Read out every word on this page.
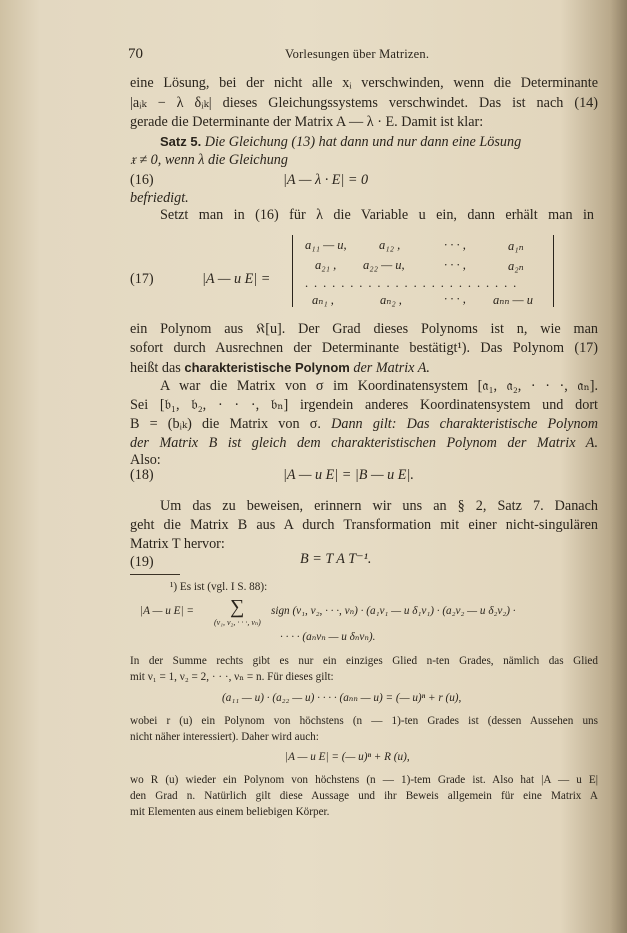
70	Vorlesungen über Matrizen.
eine Lösung, bei der nicht alle xᵢ verschwinden, wenn die Determinante
|aᵢₖ − λ δᵢₖ| dieses Gleichungssystems verschwindet. Das ist nach (14)
gerade die Determinante der Matrix A — λ · E. Damit ist klar:
Satz 5. Die Gleichung (13) hat dann und nur dann eine Lösung
𝔵 ≠ 0, wenn λ die Gleichung
(16)	|A — λ · E| = 0
befriedigt.
Setzt man in (16) für λ die Variable u ein, dann erhält man in
(17)	|A — u E| =
a₁₁ — u,	a₁₂ ,	· · · ,	a₁ₙ
a₂₁ , a₂₂ — u,	· · · ,	a₂ₙ
. . . . . . . . . . . . . . . . . . . . . . . .
aₙ₁ ,	aₙ₂ ,	· · · , aₙₙ — u
ein Polynom aus 𝔎[u]. Der Grad dieses Polynoms ist n, wie man
sofort durch Ausrechnen der Determinante bestätigt¹). Das Polynom (17)
heißt das charakteristische Polynom der Matrix A.
A war die Matrix von σ im Koordinatensystem [𝔞₁, 𝔞₂, · · ·, 𝔞ₙ].
Sei [𝔟₁, 𝔟₂, · · ·, 𝔟ₙ] irgendein anderes Koordinatensystem und dort
B = (bᵢₖ) die Matrix von σ. Dann gilt: Das charakteristische Polynom
der Matrix B ist gleich dem charakteristischen Polynom der Matrix A.
Also:
(18)	|A — u E| = |B — u E|.
Um das zu beweisen, erinnern wir uns an § 2, Satz 7. Danach
geht die Matrix B aus A durch Transformation mit einer nicht-singulären
Matrix T hervor:
(19)	B = T A T⁻¹.
¹) Es ist (vgl. I S. 88):
|A — u E| = ∑
(ν₁, ν₂, · · ·, νₙ)
sign (ν₁, ν₂, · · ·, νₙ) · (a₁ν₁ — u δ₁ν₁) · (a₂ν₂ — u δ₂ν₂) ·
· · · · (aₙνₙ — u δₙνₙ).
In der Summe rechts gibt es nur ein einziges Glied n-ten Grades, nämlich das Glied
mit ν₁ = 1, ν₂ = 2, · · ·, νₙ = n. Für dieses gilt:
(a₁₁ — u) · (a₂₂ — u) · · · · (aₙₙ — u) = (— u)ⁿ + r (u),
wobei r (u) ein Polynom von höchstens (n — 1)-ten Grades ist (dessen Aussehen uns
nicht näher interessiert). Daher wird auch:
|A — u E| = (— u)ⁿ + R (u),
wo R (u) wieder ein Polynom von höchstens (n — 1)-tem Grade ist. Also hat |A — u E|
den Grad n. Natürlich gilt diese Aussage und ihr Beweis allgemein für eine Matrix A
mit Elementen aus einem beliebigen Körper.
